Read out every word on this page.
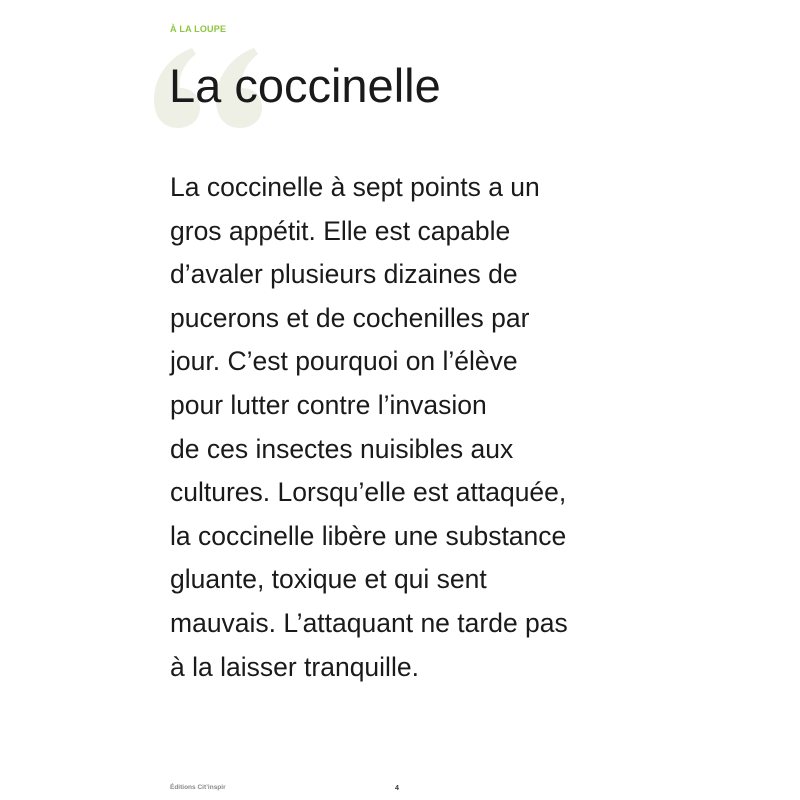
À LA LOUPE
La coccinelle
La coccinelle à sept points a un
gros appétit. Elle est capable
d’avaler plusieurs dizaines de
pucerons et de cochenilles par
jour. C’est pourquoi on l’élève
pour lutter contre l’invasion
de ces insectes nuisibles aux
cultures. Lorsqu’elle est attaquée,
la coccinelle libère une substance
gluante, toxique et qui sent
mauvais. L’attaquant ne tarde pas
à la laisser tranquille.
Éditions Cit’inspir	4
